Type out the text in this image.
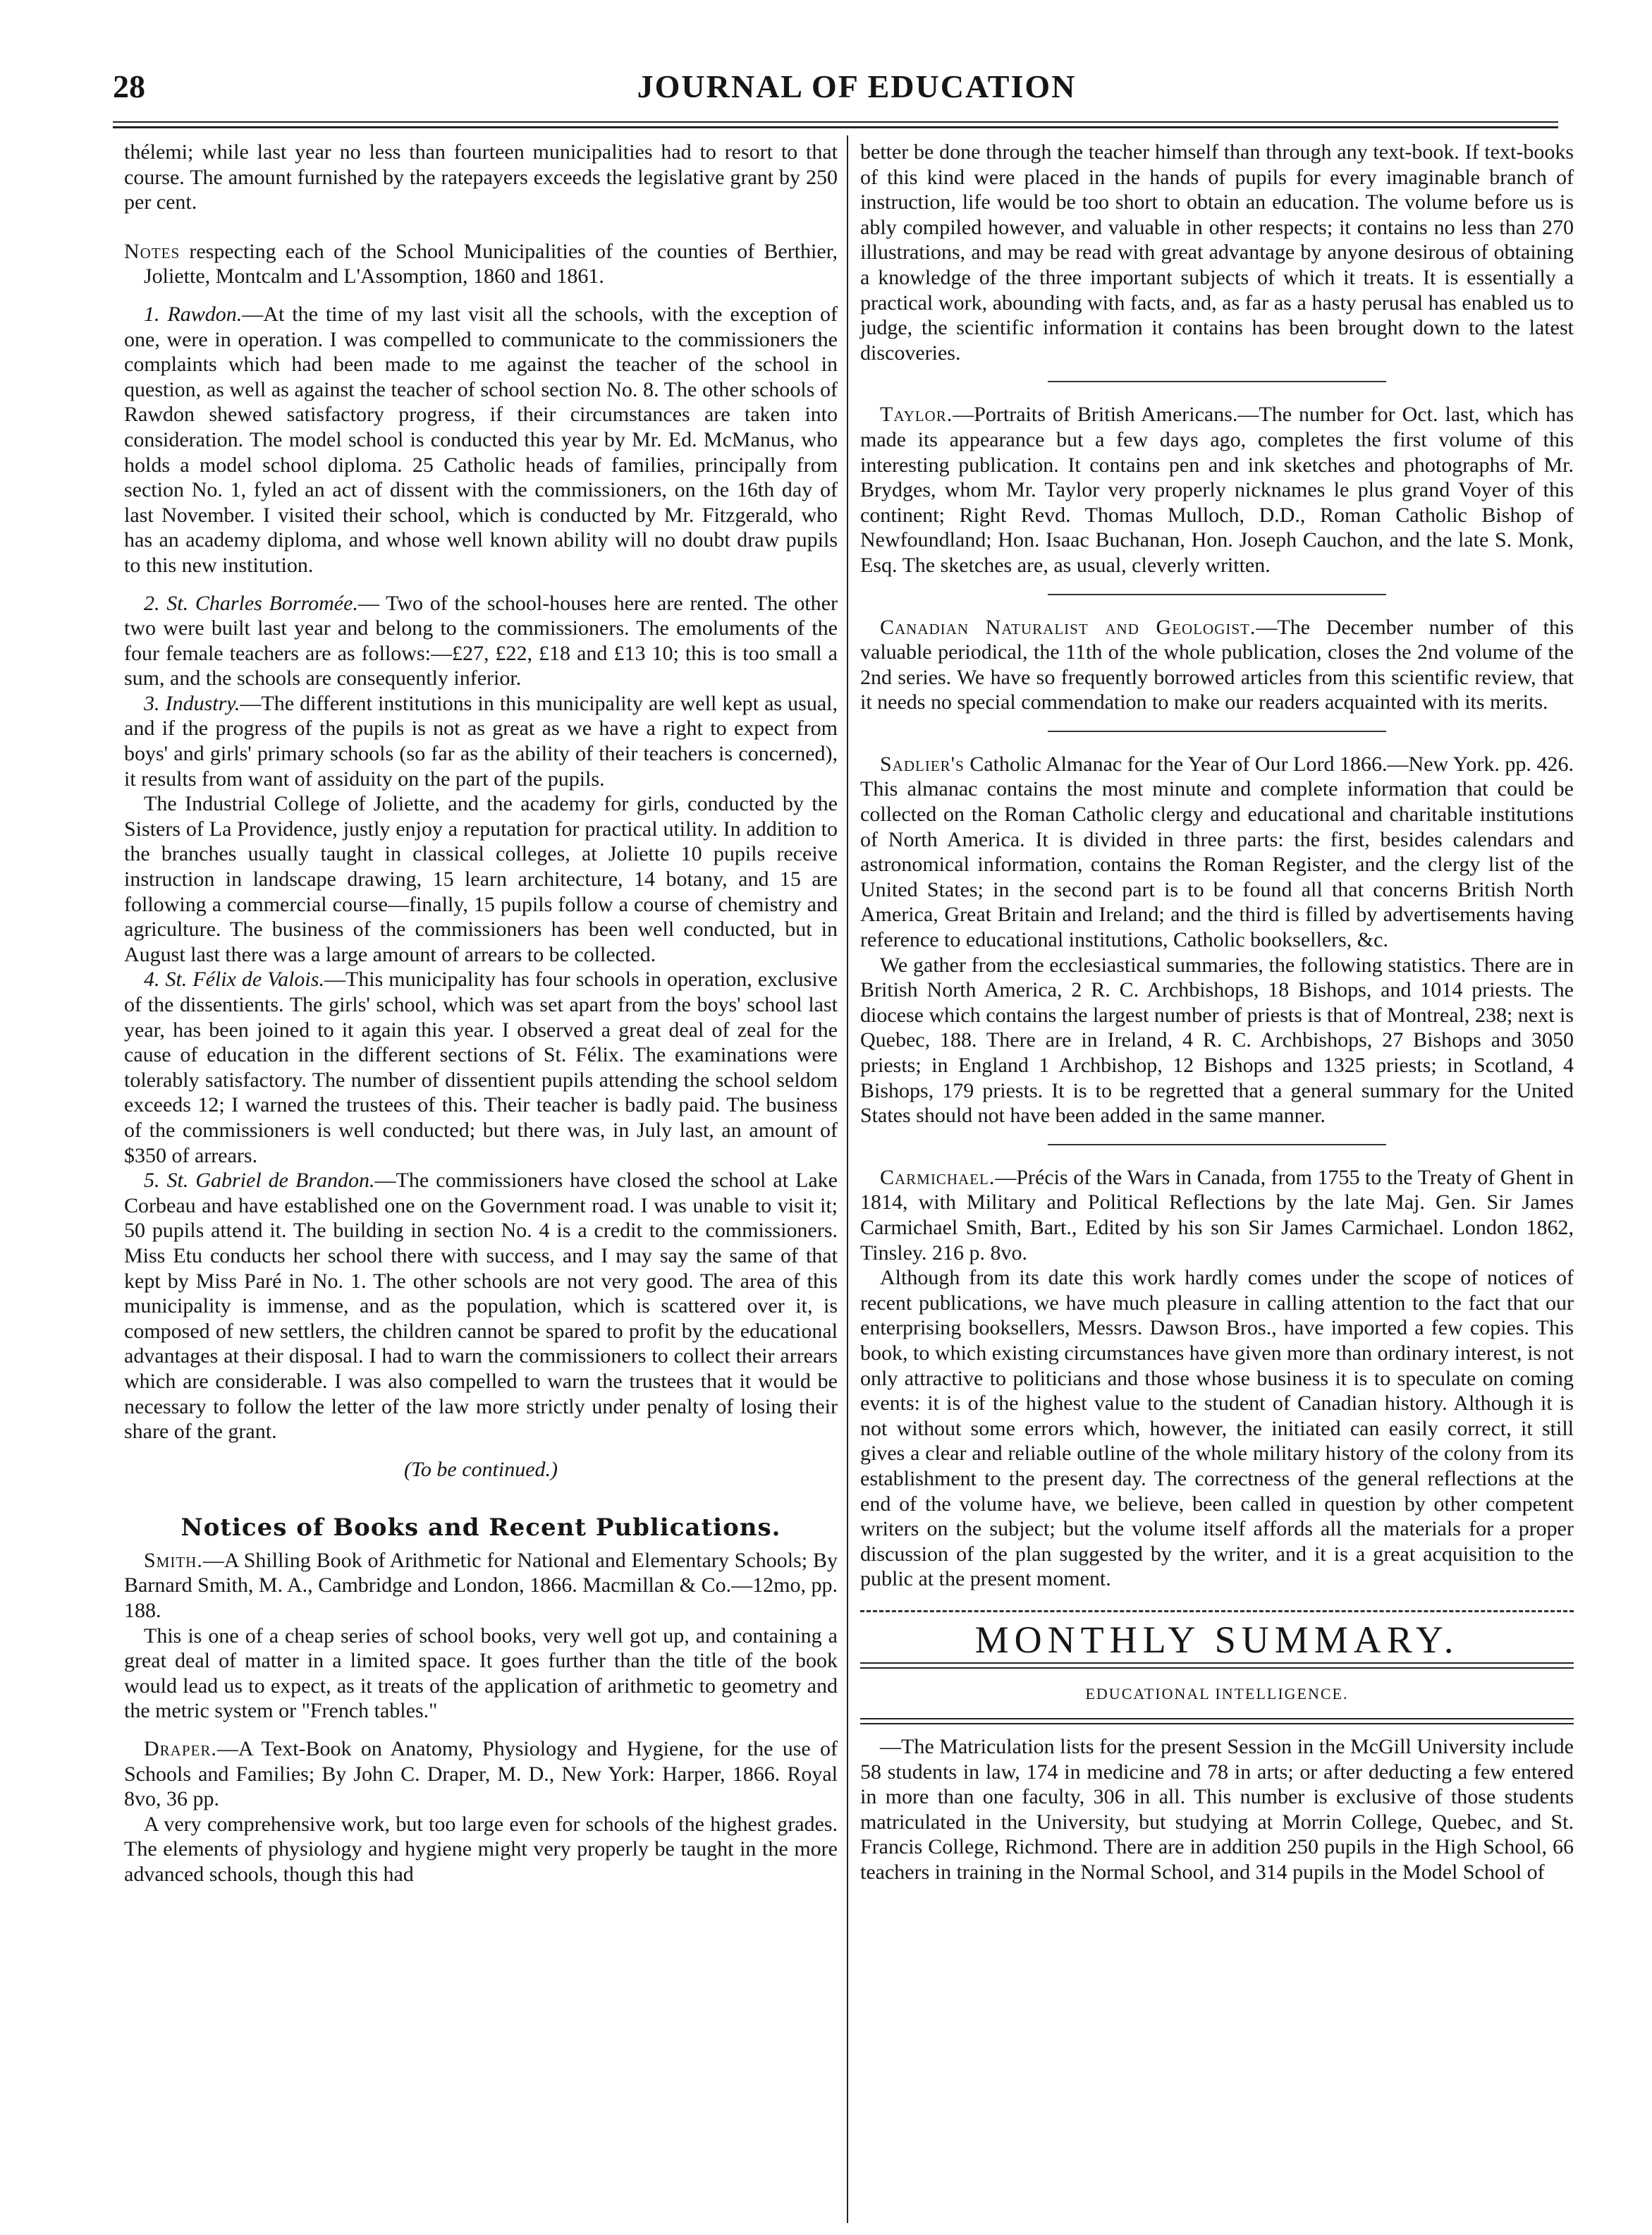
28	JOURNAL OF EDUCATION

thélemi; while last year no less than fourteen municipalities had to resort to that course. The amount furnished by the ratepayers exceeds the legislative grant by 250 per cent.

Notes respecting each of the School Municipalities of the counties of Berthier, Joliette, Montcalm and L'Assomption, 1860 and 1861.

1. Rawdon.—At the time of my last visit all the schools, with the exception of one, were in operation. I was compelled to communicate to the commissioners the complaints which had been made to me against the teacher of the school in question, as well as against the teacher of school section No. 8. The other schools of Rawdon shewed satisfactory progress, if their circumstances are taken into consideration. The model school is conducted this year by Mr. Ed. McManus, who holds a model school diploma. 25 Catholic heads of families, principally from section No. 1, fyled an act of dissent with the commissioners, on the 16th day of last November. I visited their school, which is conducted by Mr. Fitzgerald, who has an academy diploma, and whose well known ability will no doubt draw pupils to this new institution.

2. St. Charles Borromée.— Two of the school-houses here are rented. The other two were built last year and belong to the commissioners. The emoluments of the four female teachers are as follows:—£27, £22, £18 and £13 10; this is too small a sum, and the schools are consequently inferior.

3. Industry.—The different institutions in this municipality are well kept as usual, and if the progress of the pupils is not as great as we have a right to expect from boys' and girls' primary schools (so far as the ability of their teachers is concerned), it results from want of assiduity on the part of the pupils.

The Industrial College of Joliette, and the academy for girls, conducted by the Sisters of La Providence, justly enjoy a reputation for practical utility. In addition to the branches usually taught in classical colleges, at Joliette 10 pupils receive instruction in landscape drawing, 15 learn architecture, 14 botany, and 15 are following a commercial course—finally, 15 pupils follow a course of chemistry and agriculture. The business of the commissioners has been well conducted, but in August last there was a large amount of arrears to be collected.

4. St. Félix de Valois.—This municipality has four schools in operation, exclusive of the dissentients. The girls' school, which was set apart from the boys' school last year, has been joined to it again this year. I observed a great deal of zeal for the cause of education in the different sections of St. Félix. The examinations were tolerably satisfactory. The number of dissentient pupils attending the school seldom exceeds 12; I warned the trustees of this. Their teacher is badly paid. The business of the commissioners is well conducted; but there was, in July last, an amount of $350 of arrears.

5. St. Gabriel de Brandon.—The commissioners have closed the school at Lake Corbeau and have established one on the Government road. I was unable to visit it; 50 pupils attend it. The building in section No. 4 is a credit to the commissioners. Miss Etu conducts her school there with success, and I may say the same of that kept by Miss Paré in No. 1. The other schools are not very good. The area of this municipality is immense, and as the population, which is scattered over it, is composed of new settlers, the children cannot be spared to profit by the educational advantages at their disposal. I had to warn the commissioners to collect their arrears which are considerable. I was also compelled to warn the trustees that it would be necessary to follow the letter of the law more strictly under penalty of losing their share of the grant.

(To be continued.)

Notices of Books and Recent Publications.

Smith.—A Shilling Book of Arithmetic for National and Elementary Schools; By Barnard Smith, M. A., Cambridge and London, 1866. Macmillan & Co.—12mo, pp. 188.

This is one of a cheap series of school books, very well got up, and containing a great deal of matter in a limited space. It goes further than the title of the book would lead us to expect, as it treats of the application of arithmetic to geometry and the metric system or "French tables."

Draper.—A Text-Book on Anatomy, Physiology and Hygiene, for the use of Schools and Families; By John C. Draper, M. D., New York: Harper, 1866. Royal 8vo, 36 pp.

A very comprehensive work, but too large even for schools of the highest grades. The elements of physiology and hygiene might very properly be taught in the more advanced schools, though this had

better be done through the teacher himself than through any text-book. If text-books of this kind were placed in the hands of pupils for every imaginable branch of instruction, life would be too short to obtain an education. The volume before us is ably compiled however, and valuable in other respects; it contains no less than 270 illustrations, and may be read with great advantage by anyone desirous of obtaining a knowledge of the three important subjects of which it treats. It is essentially a practical work, abounding with facts, and, as far as a hasty perusal has enabled us to judge, the scientific information it contains has been brought down to the latest discoveries.

Taylor.—Portraits of British Americans.—The number for Oct. last, which has made its appearance but a few days ago, completes the first volume of this interesting publication. It contains pen and ink sketches and photographs of Mr. Brydges, whom Mr. Taylor very properly nicknames le plus grand Voyer of this continent; Right Revd. Thomas Mulloch, D.D., Roman Catholic Bishop of Newfoundland; Hon. Isaac Buchanan, Hon. Joseph Cauchon, and the late S. Monk, Esq. The sketches are, as usual, cleverly written.

Canadian Naturalist and Geologist.—The December number of this valuable periodical, the 11th of the whole publication, closes the 2nd volume of the 2nd series. We have so frequently borrowed articles from this scientific review, that it needs no special commendation to make our readers acquainted with its merits.

Sadlier's Catholic Almanac for the Year of Our Lord 1866.—New York. pp. 426. This almanac contains the most minute and complete information that could be collected on the Roman Catholic clergy and educational and charitable institutions of North America. It is divided in three parts: the first, besides calendars and astronomical information, contains the Roman Register, and the clergy list of the United States; in the second part is to be found all that concerns British North America, Great Britain and Ireland; and the third is filled by advertisements having reference to educational institutions, Catholic booksellers, &c.

We gather from the ecclesiastical summaries, the following statistics. There are in British North America, 2 R. C. Archbishops, 18 Bishops, and 1014 priests. The diocese which contains the largest number of priests is that of Montreal, 238; next is Quebec, 188. There are in Ireland, 4 R. C. Archbishops, 27 Bishops and 3050 priests; in England 1 Archbishop, 12 Bishops and 1325 priests; in Scotland, 4 Bishops, 179 priests. It is to be regretted that a general summary for the United States should not have been added in the same manner.

Carmichael.—Précis of the Wars in Canada, from 1755 to the Treaty of Ghent in 1814, with Military and Political Reflections by the late Maj. Gen. Sir James Carmichael Smith, Bart., Edited by his son Sir James Carmichael. London 1862, Tinsley. 216 p. 8vo.

Although from its date this work hardly comes under the scope of notices of recent publications, we have much pleasure in calling attention to the fact that our enterprising booksellers, Messrs. Dawson Bros., have imported a few copies. This book, to which existing circumstances have given more than ordinary interest, is not only attractive to politicians and those whose business it is to speculate on coming events: it is of the highest value to the student of Canadian history. Although it is not without some errors which, however, the initiated can easily correct, it still gives a clear and reliable outline of the whole military history of the colony from its establishment to the present day. The correctness of the general reflections at the end of the volume have, we believe, been called in question by other competent writers on the subject; but the volume itself affords all the materials for a proper discussion of the plan suggested by the writer, and it is a great acquisition to the public at the present moment.

MONTHLY SUMMARY.
EDUCATIONAL INTELLIGENCE.

—The Matriculation lists for the present Session in the McGill University include 58 students in law, 174 in medicine and 78 in arts; or after deducting a few entered in more than one faculty, 306 in all. This number is exclusive of those students matriculated in the University, but studying at Morrin College, Quebec, and St. Francis College, Richmond. There are in addition 250 pupils in the High School, 66 teachers in training in the Normal School, and 314 pupils in the Model School of
